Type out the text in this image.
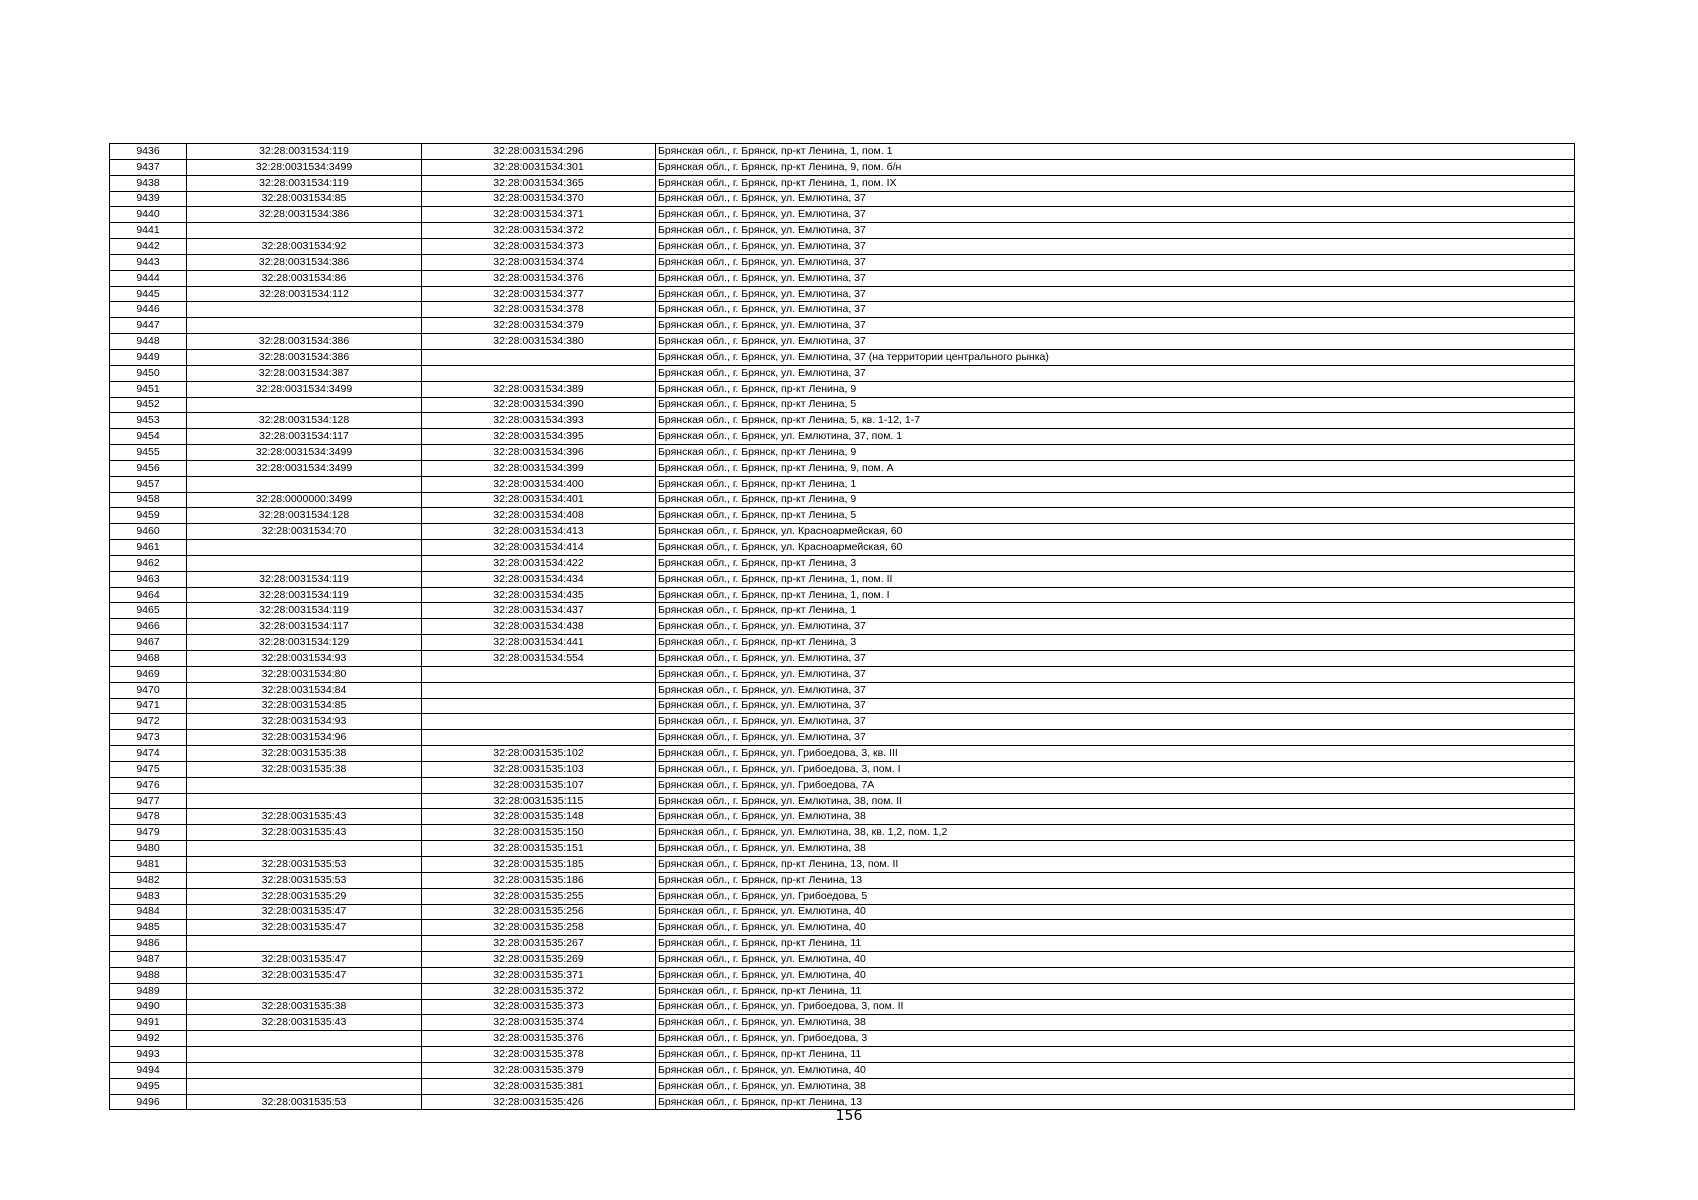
9436	32:28:0031534:119	32:28:0031534:296	Брянская обл., г. Брянск, пр-кт Ленина, 1, пом. 1
9437	32:28:0031534:3499	32:28:0031534:301	Брянская обл., г. Брянск, пр-кт Ленина, 9, пом. б/н
9438	32:28:0031534:119	32:28:0031534:365	Брянская обл., г. Брянск, пр-кт Ленина, 1, пом. IX
9439	32:28:0031534:85	32:28:0031534:370	Брянская обл., г. Брянск, ул. Емлютина, 37
9440	32:28:0031534:386	32:28:0031534:371	Брянская обл., г. Брянск, ул. Емлютина, 37
9441		32:28:0031534:372	Брянская обл., г. Брянск, ул. Емлютина, 37
9442	32:28:0031534:92	32:28:0031534:373	Брянская обл., г. Брянск, ул. Емлютина, 37
9443	32:28:0031534:386	32:28:0031534:374	Брянская обл., г. Брянск, ул. Емлютина, 37
9444	32:28:0031534:86	32:28:0031534:376	Брянская обл., г. Брянск, ул. Емлютина, 37
9445	32:28:0031534:112	32:28:0031534:377	Брянская обл., г. Брянск, ул. Емлютина, 37
9446		32:28:0031534:378	Брянская обл., г. Брянск, ул. Емлютина, 37
9447		32:28:0031534:379	Брянская обл., г. Брянск, ул. Емлютина, 37
9448	32:28:0031534:386	32:28:0031534:380	Брянская обл., г. Брянск, ул. Емлютина, 37
9449	32:28:0031534:386		Брянская обл., г. Брянск, ул. Емлютина, 37 (на территории центрального рынка)
9450	32:28:0031534:387		Брянская обл., г. Брянск, ул. Емлютина, 37
9451	32:28:0031534:3499	32:28:0031534:389	Брянская обл., г. Брянск, пр-кт Ленина, 9
9452		32:28:0031534:390	Брянская обл., г. Брянск, пр-кт Ленина, 5
9453	32:28:0031534:128	32:28:0031534:393	Брянская обл., г. Брянск, пр-кт Ленина, 5, кв. 1-12, 1-7
9454	32:28:0031534:117	32:28:0031534:395	Брянская обл., г. Брянск, ул. Емлютина, 37, пом. 1
9455	32:28:0031534:3499	32:28:0031534:396	Брянская обл., г. Брянск, пр-кт Ленина, 9
9456	32:28:0031534:3499	32:28:0031534:399	Брянская обл., г. Брянск, пр-кт Ленина, 9, пом. А
9457		32:28:0031534:400	Брянская обл., г. Брянск, пр-кт Ленина, 1
9458	32:28:0000000:3499	32:28:0031534:401	Брянская обл., г. Брянск, пр-кт Ленина, 9
9459	32:28:0031534:128	32:28:0031534:408	Брянская обл., г. Брянск, пр-кт Ленина, 5
9460	32:28:0031534:70	32:28:0031534:413	Брянская обл., г. Брянск, ул. Красноармейская, 60
9461		32:28:0031534:414	Брянская обл., г. Брянск, ул. Красноармейская, 60
9462		32:28:0031534:422	Брянская обл., г. Брянск, пр-кт Ленина, 3
9463	32:28:0031534:119	32:28:0031534:434	Брянская обл., г. Брянск, пр-кт Ленина, 1, пом. II
9464	32:28:0031534:119	32:28:0031534:435	Брянская обл., г. Брянск, пр-кт Ленина, 1, пом. I
9465	32:28:0031534:119	32:28:0031534:437	Брянская обл., г. Брянск, пр-кт Ленина, 1
9466	32:28:0031534:117	32:28:0031534:438	Брянская обл., г. Брянск, ул. Емлютина, 37
9467	32:28:0031534:129	32:28:0031534:441	Брянская обл., г. Брянск, пр-кт Ленина, 3
9468	32:28:0031534:93	32:28:0031534:554	Брянская обл., г. Брянск, ул. Емлютина, 37
9469	32:28:0031534:80		Брянская обл., г. Брянск, ул. Емлютина, 37
9470	32:28:0031534:84		Брянская обл., г. Брянск, ул. Емлютина, 37
9471	32:28:0031534:85		Брянская обл., г. Брянск, ул. Емлютина, 37
9472	32:28:0031534:93		Брянская обл., г. Брянск, ул. Емлютина, 37
9473	32:28:0031534:96		Брянская обл., г. Брянск, ул. Емлютина, 37
9474	32:28:0031535:38	32:28:0031535:102	Брянская обл., г. Брянск, ул. Грибоедова, 3, кв. III
9475	32:28:0031535:38	32:28:0031535:103	Брянская обл., г. Брянск, ул. Грибоедова, 3, пом. I
9476		32:28:0031535:107	Брянская обл., г. Брянск, ул. Грибоедова, 7А
9477		32:28:0031535:115	Брянская обл., г. Брянск, ул. Емлютина, 38, пом. II
9478	32:28:0031535:43	32:28:0031535:148	Брянская обл., г. Брянск, ул. Емлютина, 38
9479	32:28:0031535:43	32:28:0031535:150	Брянская обл., г. Брянск, ул. Емлютина, 38, кв. 1,2, пом. 1,2
9480		32:28:0031535:151	Брянская обл., г. Брянск, ул. Емлютина, 38
9481	32:28:0031535:53	32:28:0031535:185	Брянская обл., г. Брянск, пр-кт Ленина, 13, пом. II
9482	32:28:0031535:53	32:28:0031535:186	Брянская обл., г. Брянск, пр-кт Ленина, 13
9483	32:28:0031535:29	32:28:0031535:255	Брянская обл., г. Брянск, ул. Грибоедова, 5
9484	32:28:0031535:47	32:28:0031535:256	Брянская обл., г. Брянск, ул. Емлютина, 40
9485	32:28:0031535:47	32:28:0031535:258	Брянская обл., г. Брянск, ул. Емлютина, 40
9486		32:28:0031535:267	Брянская обл., г. Брянск, пр-кт Ленина, 11
9487	32:28:0031535:47	32:28:0031535:269	Брянская обл., г. Брянск, ул. Емлютина, 40
9488	32:28:0031535:47	32:28:0031535:371	Брянская обл., г. Брянск, ул. Емлютина, 40
9489		32:28:0031535:372	Брянская обл., г. Брянск, пр-кт Ленина, 11
9490	32:28:0031535:38	32:28:0031535:373	Брянская обл., г. Брянск, ул. Грибоедова, 3, пом. II
9491	32:28:0031535:43	32:28:0031535:374	Брянская обл., г. Брянск, ул. Емлютина, 38
9492		32:28:0031535:376	Брянская обл., г. Брянск, ул. Грибоедова, 3
9493		32:28:0031535:378	Брянская обл., г. Брянск, пр-кт Ленина, 11
9494		32:28:0031535:379	Брянская обл., г. Брянск, ул. Емлютина, 40
9495		32:28:0031535:381	Брянская обл., г. Брянск, ул. Емлютина, 38
9496	32:28:0031535:53	32:28:0031535:426	Брянская обл., г. Брянск, пр-кт Ленина, 13
156
